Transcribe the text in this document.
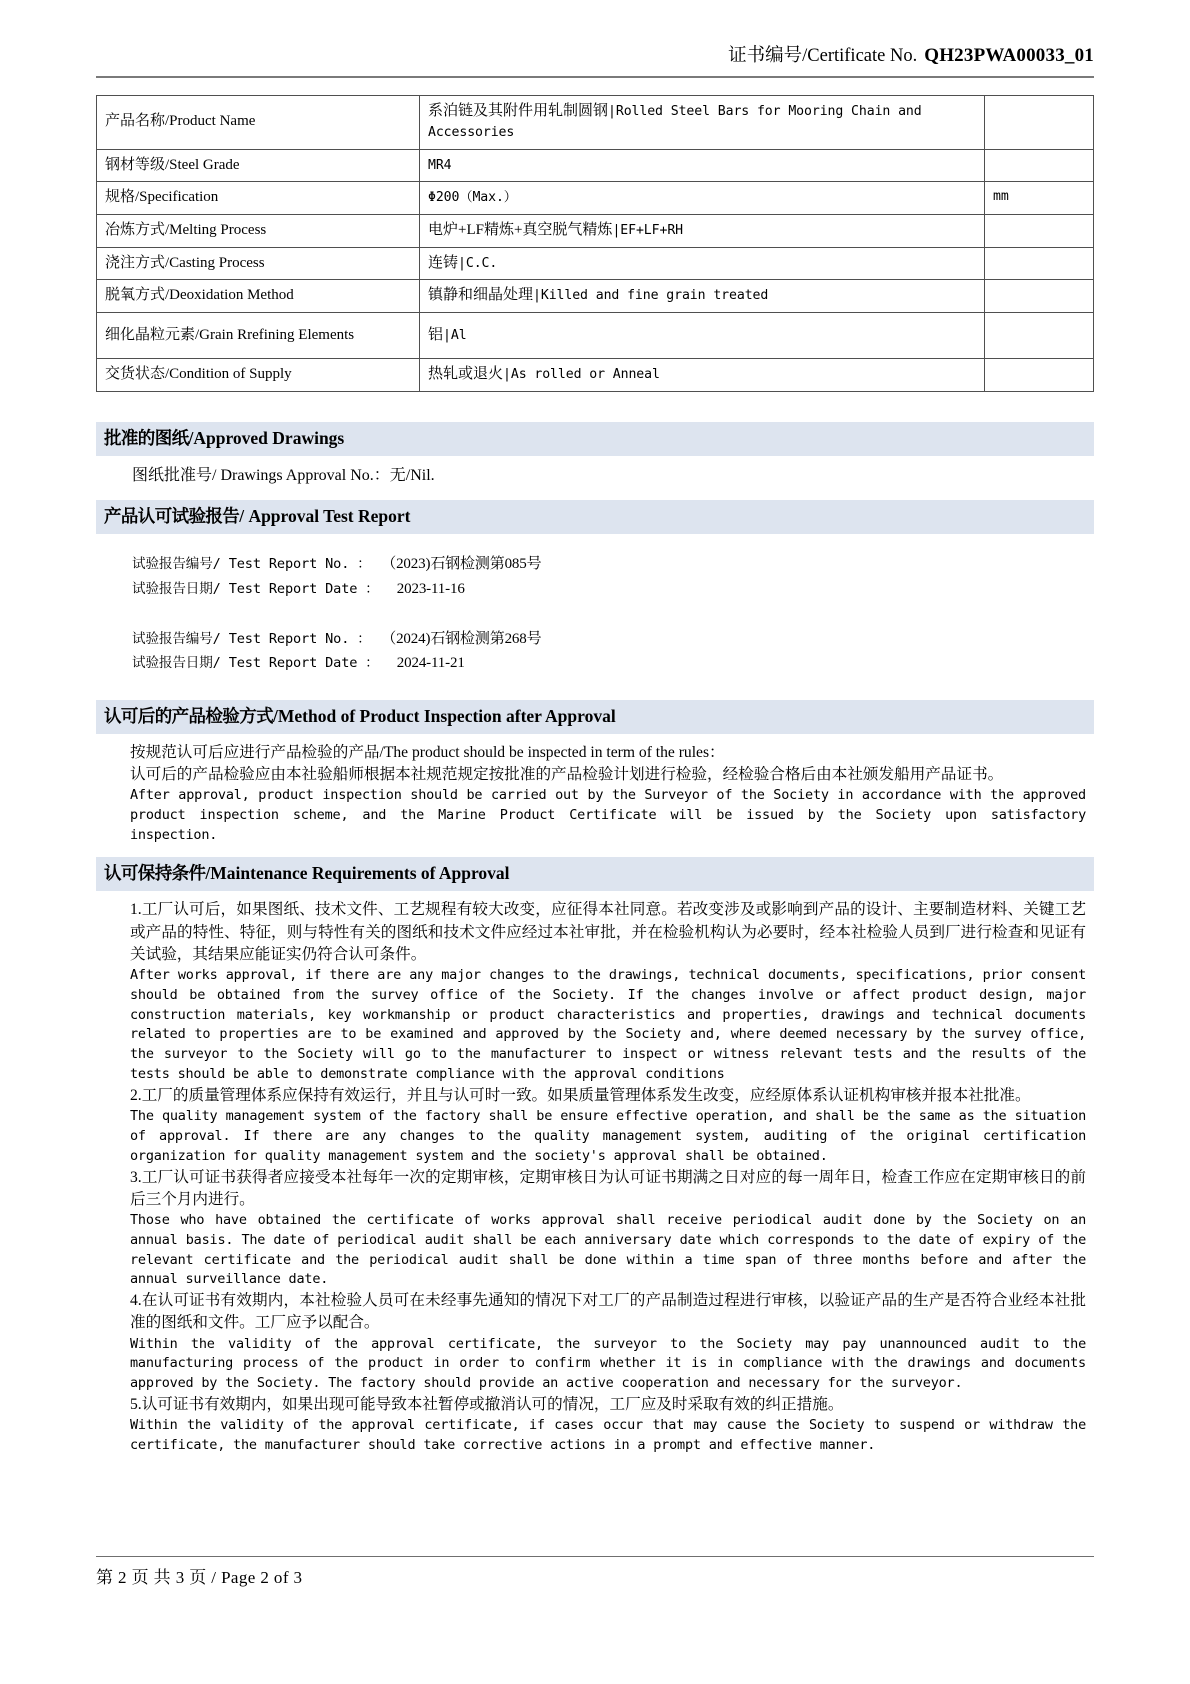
证书编号/Certificate No. QH23PWA00033_01
产品名称/Product Name	系泊链及其附件用轧制圆钢|Rolled Steel Bars for Mooring Chain and Accessories	
钢材等级/Steel Grade	MR4	
规格/Specification	Φ200（Max.）	mm
冶炼方式/Melting Process	电炉+LF精炼+真空脱气精炼|EF+LF+RH	
浇注方式/Casting Process	连铸|C.C.	
脱氧方式/Deoxidation Method	镇静和细晶处理|Killed and fine grain treated	
细化晶粒元素/Grain Rrefining Elements	铝|Al	
交货状态/Condition of Supply	热轧或退火|As rolled or Anneal	
批准的图纸/Approved Drawings
图纸批准号/ Drawings Approval No.：无/Nil.
产品认可试验报告/ Approval Test Report
试验报告编号/ Test Report No. ： （2023)石钢检测第085号
试验报告日期/ Test Report Date ： 2023-11-16
试验报告编号/ Test Report No. ： （2024)石钢检测第268号
试验报告日期/ Test Report Date ： 2024-11-21
认可后的产品检验方式/Method of Product Inspection after Approval
按规范认可后应进行产品检验的产品/The product should be inspected in term of the rules：
认可后的产品检验应由本社验船师根据本社规范规定按批准的产品检验计划进行检验，经检验合格后由本社颁发船用产品证书。
After approval, product inspection should be carried out by the Surveyor of the Society in accordance with the approved product inspection scheme, and the Marine Product Certificate will be issued by the Society upon satisfactory inspection.
认可保持条件/Maintenance Requirements of Approval
1.工厂认可后，如果图纸、技术文件、工艺规程有较大改变，应征得本社同意。若改变涉及或影响到产品的设计、主要制造材料、关键工艺或产品的特性、特征，则与特性有关的图纸和技术文件应经过本社审批，并在检验机构认为必要时，经本社检验人员到厂进行检查和见证有关试验，其结果应能证实仍符合认可条件。
After works approval, if there are any major changes to the drawings, technical documents, specifications, prior consent should be obtained from the survey office of the Society. If the changes involve or affect product design, major construction materials, key workmanship or product characteristics and properties, drawings and technical documents related to properties are to be examined and approved by the Society and, where deemed necessary by the survey office, the surveyor to the Society will go to the manufacturer to inspect or witness relevant tests and the results of the tests should be able to demonstrate compliance with the approval conditions
2.工厂的质量管理体系应保持有效运行，并且与认可时一致。如果质量管理体系发生改变，应经原体系认证机构审核并报本社批准。
The quality management system of the factory shall be ensure effective operation, and shall be the same as the situation of approval. If there are any changes to the quality management system, auditing of the original certification organization for quality management system and the society's approval shall be obtained.
3.工厂认可证书获得者应接受本社每年一次的定期审核，定期审核日为认可证书期满之日对应的每一周年日，检查工作应在定期审核日的前后三个月内进行。
Those who have obtained the certificate of works approval shall receive periodical audit done by the Society on an annual basis. The date of periodical audit shall be each anniversary date which corresponds to the date of expiry of the relevant certificate and the periodical audit shall be done within a time span of three months before and after the annual surveillance date.
4.在认可证书有效期内，本社检验人员可在未经事先通知的情况下对工厂的产品制造过程进行审核，以验证产品的生产是否符合业经本社批准的图纸和文件。工厂应予以配合。
Within the validity of the approval certificate, the surveyor to the Society may pay unannounced audit to the manufacturing process of the product in order to confirm whether it is in compliance with the drawings and documents approved by the Society. The factory should provide an active cooperation and necessary for the surveyor.
5.认可证书有效期内，如果出现可能导致本社暂停或撤消认可的情况，工厂应及时采取有效的纠正措施。
Within the validity of the approval certificate, if cases occur that may cause the Society to suspend or withdraw the certificate, the manufacturer should take corrective actions in a prompt and effective manner.
第 2 页 共 3 页 / Page 2 of 3
